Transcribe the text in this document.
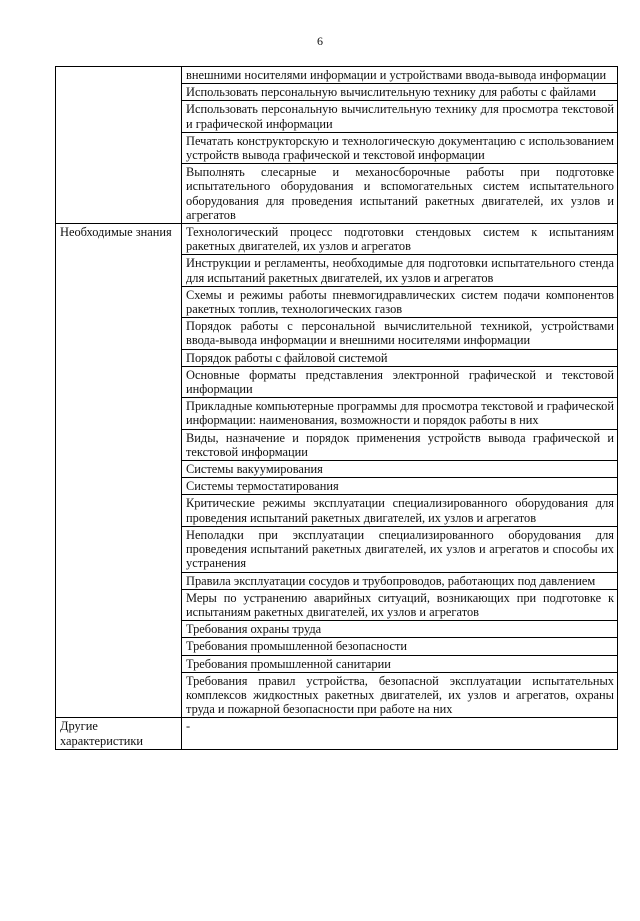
6
	внешними носителями информации и устройствами ввода-вывода информации
	Использовать персональную вычислительную технику для работы с файлами
	Использовать персональную вычислительную технику для просмотра текстовой и графической информации
	Печатать конструкторскую и технологическую документацию с использованием устройств вывода графической и текстовой информации
	Выполнять слесарные и механосборочные работы при подготовке испытательного оборудования и вспомогательных систем испытательного оборудования для проведения испытаний ракетных двигателей, их узлов и агрегатов
Необходимые знания	Технологический процесс подготовки стендовых систем к испытаниям ракетных двигателей, их узлов и агрегатов
	Инструкции и регламенты, необходимые для подготовки испытательного стенда для испытаний ракетных двигателей, их узлов и агрегатов
	Схемы и режимы работы пневмогидравлических систем подачи компонентов ракетных топлив, технологических газов
	Порядок работы с персональной вычислительной техникой, устройствами ввода-вывода информации и внешними носителями информации
	Порядок работы с файловой системой
	Основные форматы представления электронной графической и текстовой информации
	Прикладные компьютерные программы для просмотра текстовой и графической информации: наименования, возможности и порядок работы в них
	Виды, назначение и порядок применения устройств вывода графической и текстовой информации
	Системы вакуумирования
	Системы термостатирования
	Критические режимы эксплуатации специализированного оборудования для проведения испытаний ракетных двигателей, их узлов и агрегатов
	Неполадки при эксплуатации специализированного оборудования для проведения испытаний ракетных двигателей, их узлов и агрегатов и способы их устранения
	Правила эксплуатации сосудов и трубопроводов, работающих под давлением
	Меры по устранению аварийных ситуаций, возникающих при подготовке к испытаниям ракетных двигателей, их узлов и агрегатов
	Требования охраны труда
	Требования промышленной безопасности
	Требования промышленной санитарии
	Требования правил устройства, безопасной эксплуатации испытательных комплексов жидкостных ракетных двигателей, их узлов и агрегатов, охраны труда и пожарной безопасности при работе на них
Другие характеристики	-
